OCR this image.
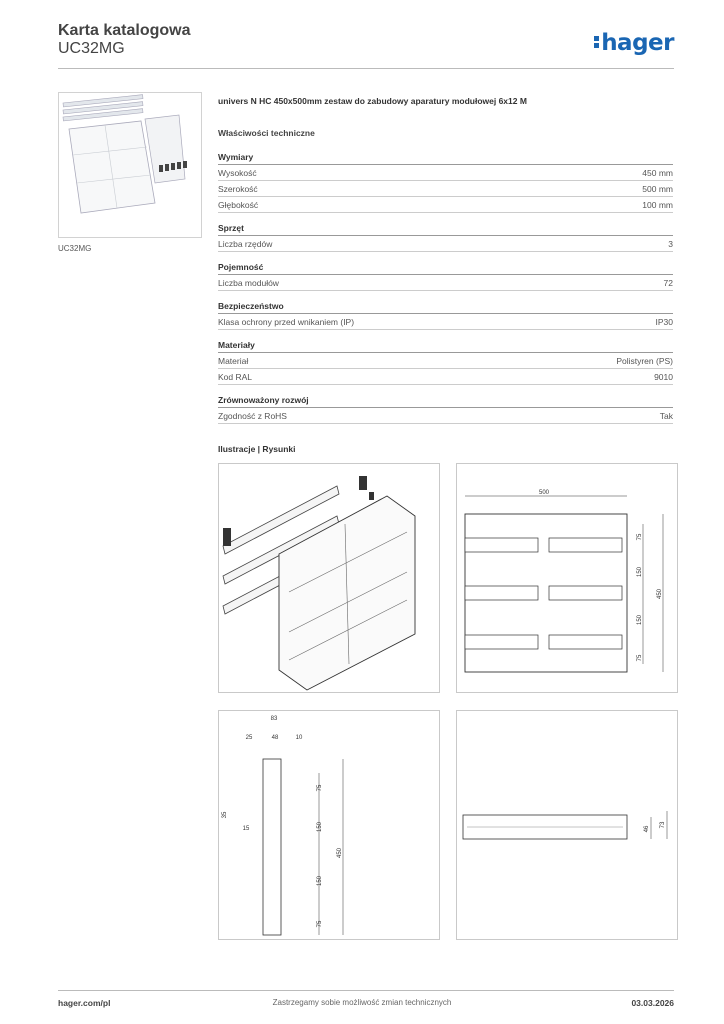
Karta katalogowa
UC32MG	hager
UC32MG
univers N HC 450x500mm zestaw do zabudowy aparatury modułowej 6x12 M
Właściwości techniczne
Wymiary
Wysokość	450 mm
Szerokość	500 mm
Głębokość	100 mm
Sprzęt
Liczba rzędów	3
Pojemność
Liczba modułów	72
Bezpieczeństwo
Klasa ochrony przed wnikaniem (IP)	IP30
Materiały
Materiał	Polistyren (PS)
Kod RAL	9010
Zrównoważony rozwój
Zgodność z RoHS	Tak
Ilustracje | Rysunki
500
75
150
150
75
450
83
25	48	10
35
15
75
150
150
75
450
46
73
hager.com/pl	Zastrzegamy sobie możliwość zmian technicznych	03.03.2026
